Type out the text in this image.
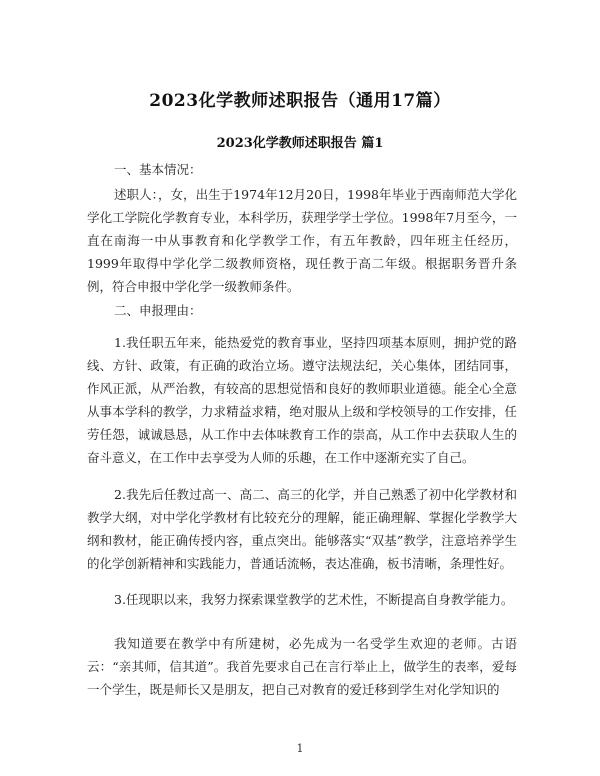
2023化学教师述职报告（通用17篇）
2023化学教师述职报告 篇1

一、基本情况：

述职人：，女，出生于1974年12月20日，1998年毕业于西南师范大学化学化工学院化学教育专业，本科学历，获理学学士学位。1998年7月至今，一直在南海一中从事教育和化学教学工作，有五年教龄，四年班主任经历，1999年取得中学化学二级教师资格，现任教于高二年级。根据职务晋升条例，符合申报中学化学一级教师条件。

二、申报理由：

1.我任职五年来，能热爱党的教育事业，坚持四项基本原则，拥护党的路线、方针、政策，有正确的政治立场。遵守法规法纪，关心集体，团结同事，作风正派，从严治教，有较高的思想觉悟和良好的教师职业道德。能全心全意从事本学科的教学，力求精益求精，绝对服从上级和学校领导的工作安排，任劳任怨，诚诚恳恳，从工作中去体味教育工作的崇高，从工作中去获取人生的奋斗意义，在工作中去享受为人师的乐趣，在工作中逐渐充实了自己。

2.我先后任教过高一、高二、高三的化学，并自己熟悉了初中化学教材和教学大纲，对中学化学教材有比较充分的理解，能正确理解、掌握化学教学大纲和教材，能正确传授内容，重点突出。能够落实“双基”教学，注意培养学生的化学创新精神和实践能力，普通话流畅，表达准确，板书清晰，条理性好。

3.任现职以来，我努力探索课堂教学的艺术性，不断提高自身教学能力。

我知道要在教学中有所建树，必先成为一名受学生欢迎的老师。古语云：“亲其师，信其道”。我首先要求自己在言行举止上，做学生的表率，爱每一个学生，既是师长又是朋友，把自己对教育的爱迁移到学生对化学知识的

1
